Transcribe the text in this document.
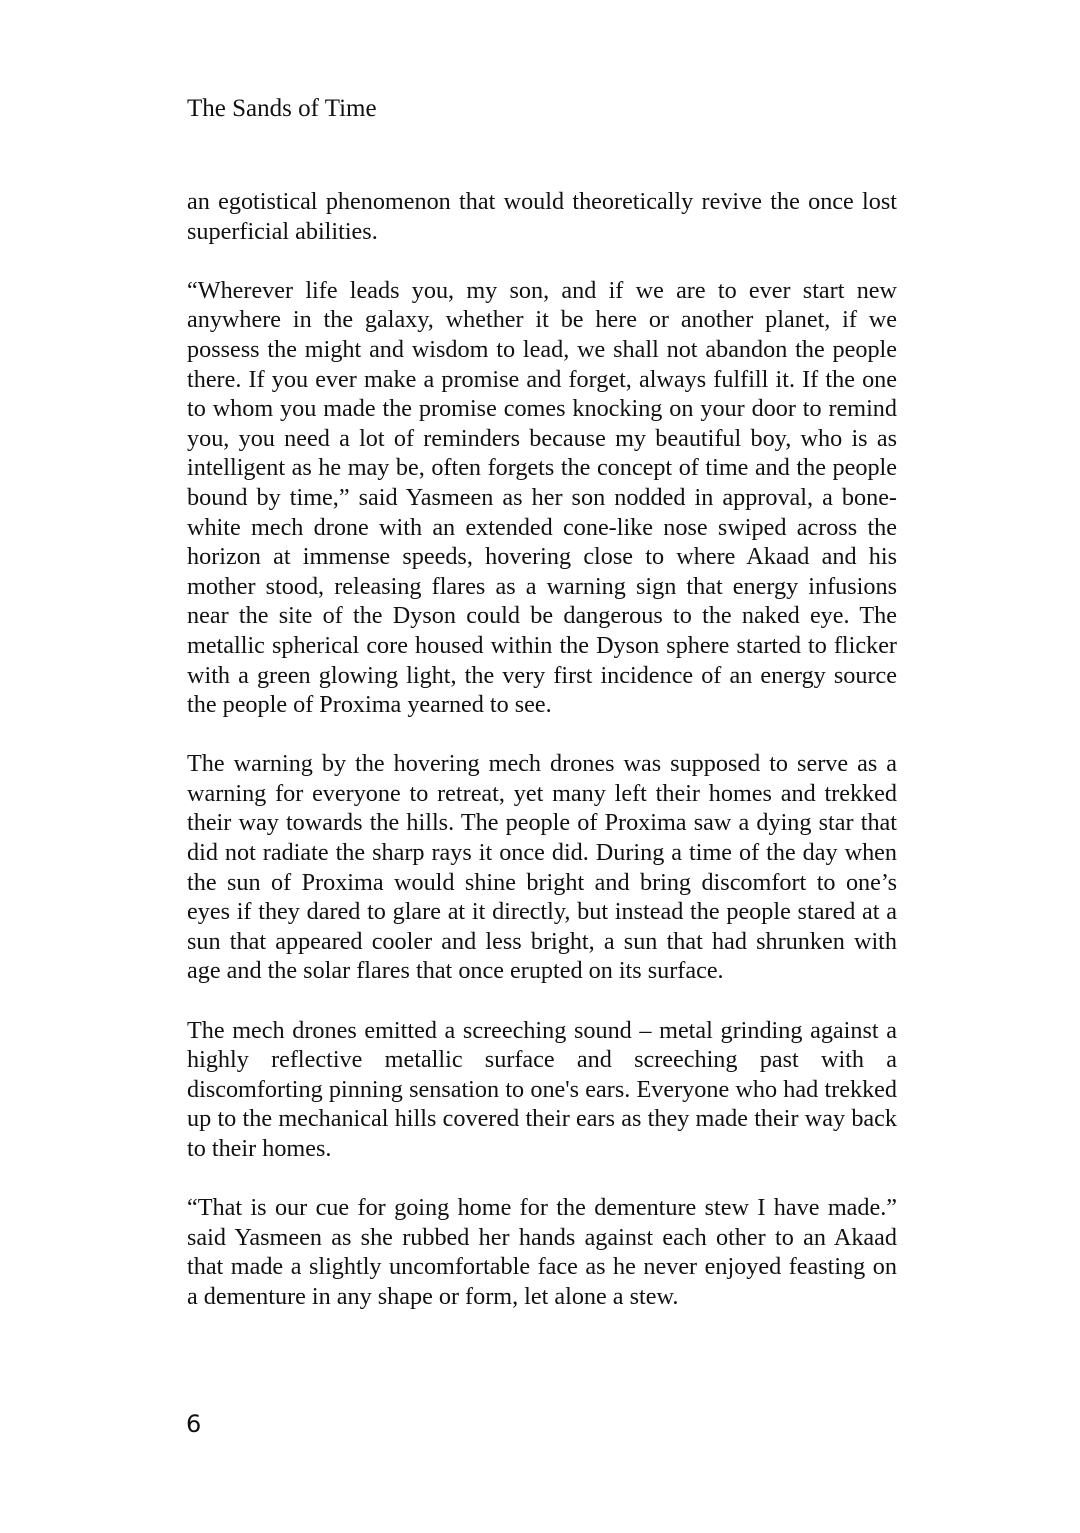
The Sands of Time

an egotistical phenomenon that would theoretically revive the once lost superficial abilities.

“Wherever life leads you, my son, and if we are to ever start new anywhere in the galaxy, whether it be here or another planet, if we possess the might and wisdom to lead, we shall not abandon the people there. If you ever make a promise and forget, always fulfill it. If the one to whom you made the promise comes knocking on your door to remind you, you need a lot of reminders because my beautiful boy, who is as intelligent as he may be, often forgets the concept of time and the people bound by time,” said Yasmeen as her son nodded in approval, a bone-white mech drone with an extended cone-like nose swiped across the horizon at immense speeds, hovering close to where Akaad and his mother stood, releasing flares as a warning sign that energy infusions near the site of the Dyson could be dangerous to the naked eye. The metallic spherical core housed within the Dyson sphere started to flicker with a green glowing light, the very first incidence of an energy source the people of Proxima yearned to see.

The warning by the hovering mech drones was supposed to serve as a warning for everyone to retreat, yet many left their homes and trekked their way towards the hills. The people of Proxima saw a dying star that did not radiate the sharp rays it once did. During a time of the day when the sun of Proxima would shine bright and bring discomfort to one’s eyes if they dared to glare at it directly, but instead the people stared at a sun that appeared cooler and less bright, a sun that had shrunken with age and the solar flares that once erupted on its surface.

The mech drones emitted a screeching sound – metal grinding against a highly reflective metallic surface and screeching past with a discomforting pinning sensation to one's ears. Everyone who had trekked up to the mechanical hills covered their ears as they made their way back to their homes.

“That is our cue for going home for the dementure stew I have made.” said Yasmeen as she rubbed her hands against each other to an Akaad that made a slightly uncomfortable face as he never enjoyed feasting on a dementure in any shape or form, let alone a stew.

6
